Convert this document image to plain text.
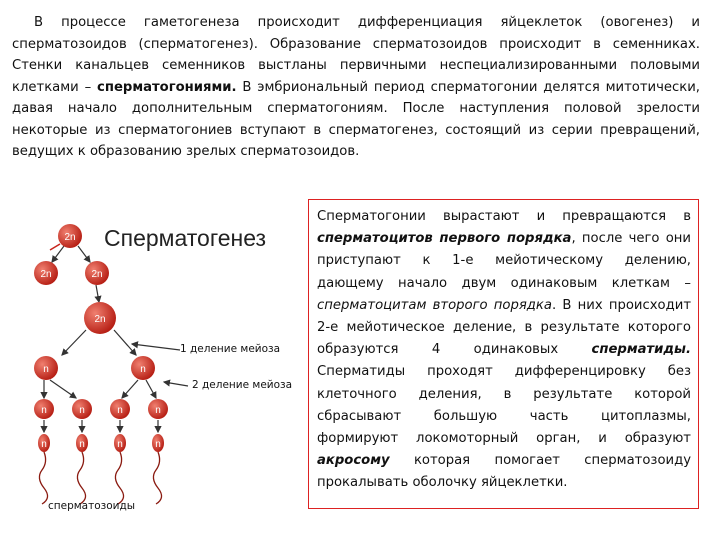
В процессе гаметогенеза происходит дифференциация яйцеклеток (овогенез) и сперматозоидов (сперматогенез). Образование сперматозоидов происходит в семенниках. Стенки канальцев семенников выстланы первичными неспециализированными половыми клетками – сперматогониями. В эмбриональный период сперматогонии делятся митотически, давая начало дополнительным сперматогониям. После наступления половой зрелости некоторые из сперматогониев вступают в сперматогенез, состоящий из серии превращений, ведущих к образованию зрелых сперматозоидов.
Сперматогенез
2n
2n	2n
2n
n	n
n	n	n	n
n	n	n	n
1 деление мейоза
2 деление мейоза
сперматозоиды
Сперматогонии вырастают и превращаются в сперматоцитов первого порядка, после чего они приступают к 1-е мейотическому делению, дающему начало двум одинаковым клеткам – сперматоцитам второго порядка. В них происходит 2-е мейотическое деление, в результате которого образуются 4 одинаковых сперматиды. Сперматиды проходят дифференцировку без клеточного деления, в результате которой сбрасывают большую часть цитоплазмы, формируют локомоторный орган, и образуют акросому которая помогает сперматозоиду прокалывать оболочку яйцеклетки.
